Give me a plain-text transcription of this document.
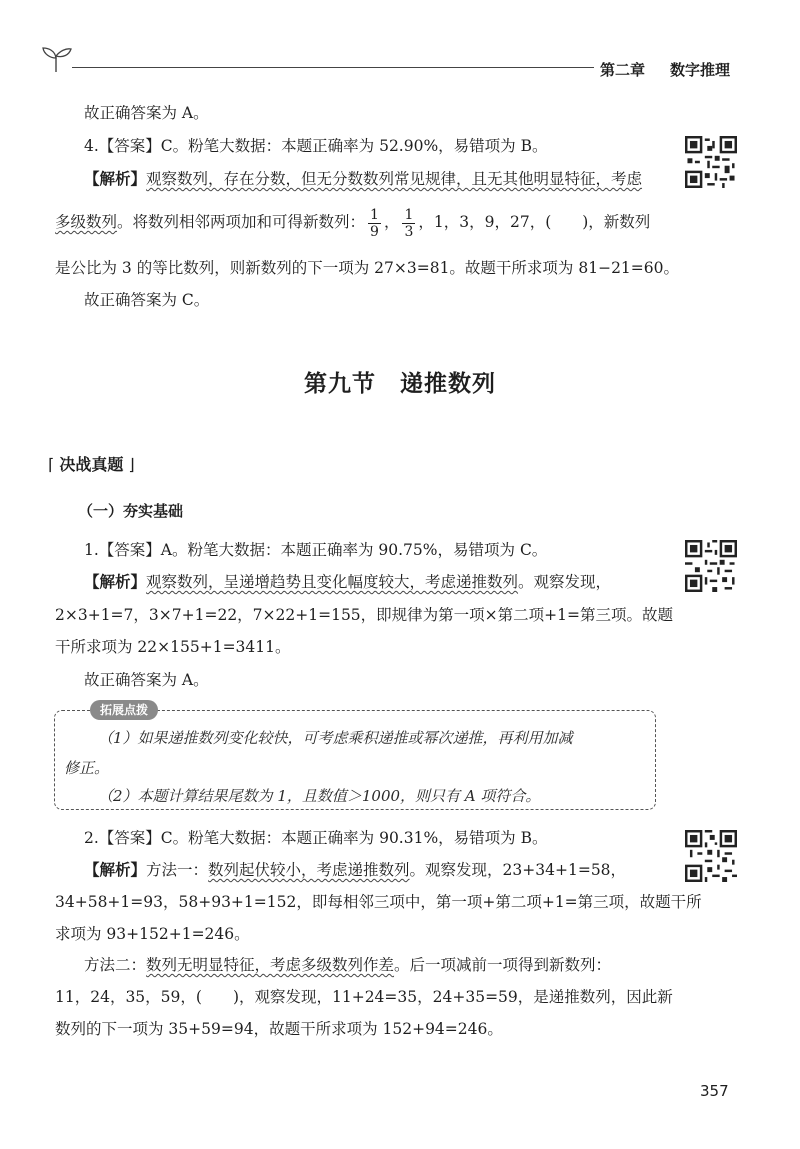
第二章 数字推理
故正确答案为 A。
4.【答案】C。粉笔大数据：本题正确率为 52.90%，易错项为 B。
【解析】观察数列，存在分数，但无分数数列常见规律，且无其他明显特征，考虑
多级数列。将数列相邻两项加和可得新数列： $\frac{1}{9}$ ， $\frac{1}{3}$ ，1，3，9，27，(　　)，新数列
是公比为 3 的等比数列，则新数列的下一项为 27×3=81。故题干所求项为 81−21=60。
故正确答案为 C。
第九节　递推数列
⌈ 决战真题 ⌋
（一）夯实基础
1.【答案】A。粉笔大数据：本题正确率为 90.75%，易错项为 C。
【解析】观察数列，呈递增趋势且变化幅度较大，考虑递推数列。观察发现，
2×3+1=7，3×7+1=22，7×22+1=155，即规律为第一项×第二项+1=第三项。故题
干所求项为 22×155+1=3411。
故正确答案为 A。
拓展点拨
（1）如果递推数列变化较快，可考虑乘积递推或幂次递推，再利用加减
修正。
（2）本题计算结果尾数为 1，且数值＞1000，则只有 A 项符合。
2.【答案】C。粉笔大数据：本题正确率为 90.31%，易错项为 B。
【解析】方法一：数列起伏较小，考虑递推数列。观察发现，23+34+1=58，
34+58+1=93，58+93+1=152，即每相邻三项中，第一项+第二项+1=第三项，故题干所
求项为 93+152+1=246。
方法二：数列无明显特征，考虑多级数列作差。后一项减前一项得到新数列：
11，24，35，59，(　　)，观察发现，11+24=35，24+35=59，是递推数列，因此新
数列的下一项为 35+59=94，故题干所求项为 152+94=246。
357
